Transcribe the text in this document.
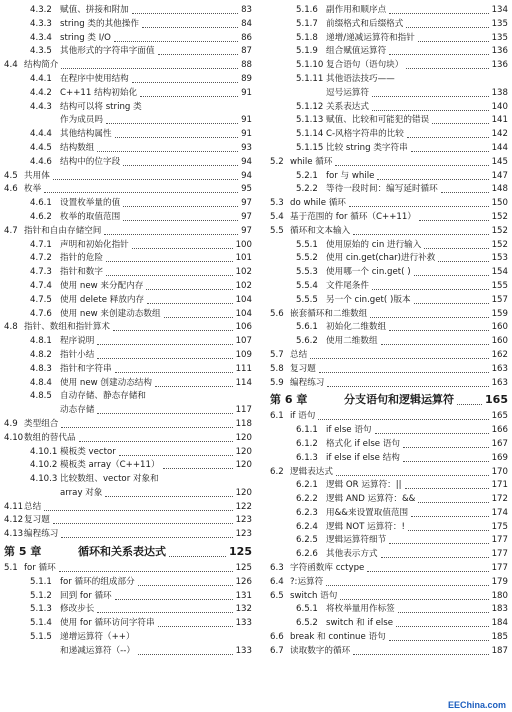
4.3.2 赋值、拼接和附加	83
4.3.3 string 类的其他操作	84
4.3.4 string 类 I/O	86
4.3.5 其他形式的字符串字面值	87
4.4 结构简介	88
4.4.1 在程序中使用结构	89
4.4.2 C++11 结构初始化	91
4.4.3 结构可以将 string 类
作为成员吗	91
4.4.4 其他结构属性	91
4.4.5 结构数组	93
4.4.6 结构中的位字段	94
4.5 共用体	94
4.6 枚举	95
4.6.1 设置枚举量的值	97
4.6.2 枚举的取值范围	97
4.7 指针和自由存储空间	97
4.7.1 声明和初始化指针	100
4.7.2 指针的危险	101
4.7.3 指针和数字	102
4.7.4 使用 new 来分配内存	102
4.7.5 使用 delete 释放内存	104
4.7.6 使用 new 来创建动态数组	104
4.8 指针、数组和指针算术	106
4.8.1 程序说明	107
4.8.2 指针小结	109
4.8.3 指针和字符串	111
4.8.4 使用 new 创建动态结构	114
4.8.5 自动存储、静态存储和
动态存储	117
4.9 类型组合	118
4.10 数组的替代品	120
4.10.1 模板类 vector	120
4.10.2 模板类 array（C++11）	120
4.10.3 比较数组、vector 对象和
array 对象	120
4.11 总结	122
4.12 复习题	123
4.13 编程练习	123
第 5 章	循环和关系表达式	125
5.1 for 循环	125
5.1.1 for 循环的组成部分	126
5.1.2 回到 for 循环	131
5.1.3 修改步长	132
5.1.4 使用 for 循环访问字符串	133
5.1.5 递增运算符（++）
和递减运算符（--）	133
5.1.6 副作用和顺序点	134
5.1.7 前缀格式和后缀格式	135
5.1.8 递增/递减运算符和指针	135
5.1.9 组合赋值运算符	136
5.1.10 复合语句（语句块）	136
5.1.11 其他语法技巧——
逗号运算符	138
5.1.12 关系表达式	140
5.1.13 赋值、比较和可能犯的错误	141
5.1.14 C-风格字符串的比较	142
5.1.15 比较 string 类字符串	144
5.2 while 循环	145
5.2.1 for 与 while	147
5.2.2 等待一段时间：编写延时循环	148
5.3 do while 循环	150
5.4 基于范围的 for 循环（C++11）	152
5.5 循环和文本输入	152
5.5.1 使用原始的 cin 进行输入	152
5.5.2 使用 cin.get(char)进行补救	153
5.5.3 使用哪一个 cin.get( )	154
5.5.4 文件尾条件	155
5.5.5 另一个 cin.get( )版本	157
5.6 嵌套循环和二维数组	159
5.6.1 初始化二维数组	160
5.6.2 使用二维数组	160
5.7 总结	162
5.8 复习题	163
5.9 编程练习	163
第 6 章	分支语句和逻辑运算符	165
6.1 if 语句	165
6.1.1 if else 语句	166
6.1.2 格式化 if else 语句	167
6.1.3 if else if else 结构	169
6.2 逻辑表达式	170
6.2.1 逻辑 OR 运算符：||	171
6.2.2 逻辑 AND 运算符：&&	172
6.2.3 用&&来设置取值范围	174
6.2.4 逻辑 NOT 运算符：!	175
6.2.5 逻辑运算符细节	177
6.2.6 其他表示方式	177
6.3 字符函数库 cctype	177
6.4 ?:运算符	179
6.5 switch 语句	180
6.5.1 将枚举量用作标签	183
6.5.2 switch 和 if else	184
6.6 break 和 continue 语句	185
6.7 读取数字的循环	187
EEChina.com
